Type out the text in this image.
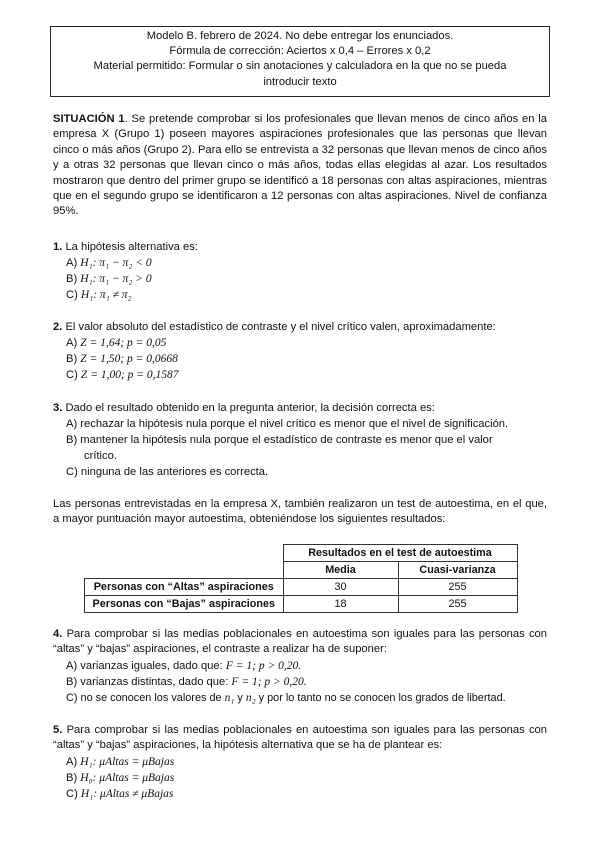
Modelo B. febrero de 2024. No debe entregar los enunciados.
Fórmula de corrección: Aciertos x 0,4 – Errores x 0,2
Material permitido: Formular o sin anotaciones y calculadora en la que no se pueda
introducir texto
SITUACIÓN 1. Se pretende comprobar si los profesionales que llevan menos de cinco años en la empresa X (Grupo 1) poseen mayores aspiraciones profesionales que las personas que llevan cinco o más años (Grupo 2). Para ello se entrevista a 32 personas que llevan menos de cinco años y a otras 32 personas que llevan cinco o más años, todas ellas elegidas al azar. Los resultados mostraron que dentro del primer grupo se identificó a 18 personas con altas aspiraciones, mientras que en el segundo grupo se identificaron a 12 personas con altas aspiraciones. Nivel de confianza 95%.
1. La hipótesis alternativa es:
A) H₁: π₁ − π₂ < 0
B) H₁: π₁ − π₂ > 0
C) H₁: π₁ ≠ π₂
2. El valor absoluto del estadístico de contraste y el nivel crítico valen, aproximadamente:
A) Z = 1,64; p = 0,05
B) Z = 1,50; p = 0,0668
C) Z = 1,00; p = 0,1587
3. Dado el resultado obtenido en la pregunta anterior, la decisión correcta es:
A) rechazar la hipótesis nula porque el nivel crítico es menor que el nivel de significación.
B) mantener la hipótesis nula porque el estadístico de contraste es menor que el valor
crítico.
C) ninguna de las anteriores es correcta.
Las personas entrevistadas en la empresa X, también realizaron un test de autoestima, en el que, a mayor puntuación mayor autoestima, obteniéndose los siguientes resultados:
	Resultados en el test de autoestima	
	Media	Cuasi-varianza
Personas con “Altas” aspiraciones	30	255
Personas con “Bajas” aspiraciones	18	255
4. Para comprobar si las medias poblacionales en autoestima son iguales para las personas con “altas” y “bajas” aspiraciones, el contraste a realizar ha de suponer:
A) varianzas iguales, dado que: F = 1; p > 0,20.
B) varianzas distintas, dado que: F = 1; p > 0,20.
C) no se conocen los valores de n₁ y n₂ y por lo tanto no se conocen los grados de libertad.
5. Para comprobar si las medias poblacionales en autoestima son iguales para las personas con “altas” y “bajas” aspiraciones, la hipótesis alternativa que se ha de plantear es:
A) H₁: μAltas = μBajas
B) H₀: μAltas = μBajas
C) H₁: μAltas ≠ μBajas
